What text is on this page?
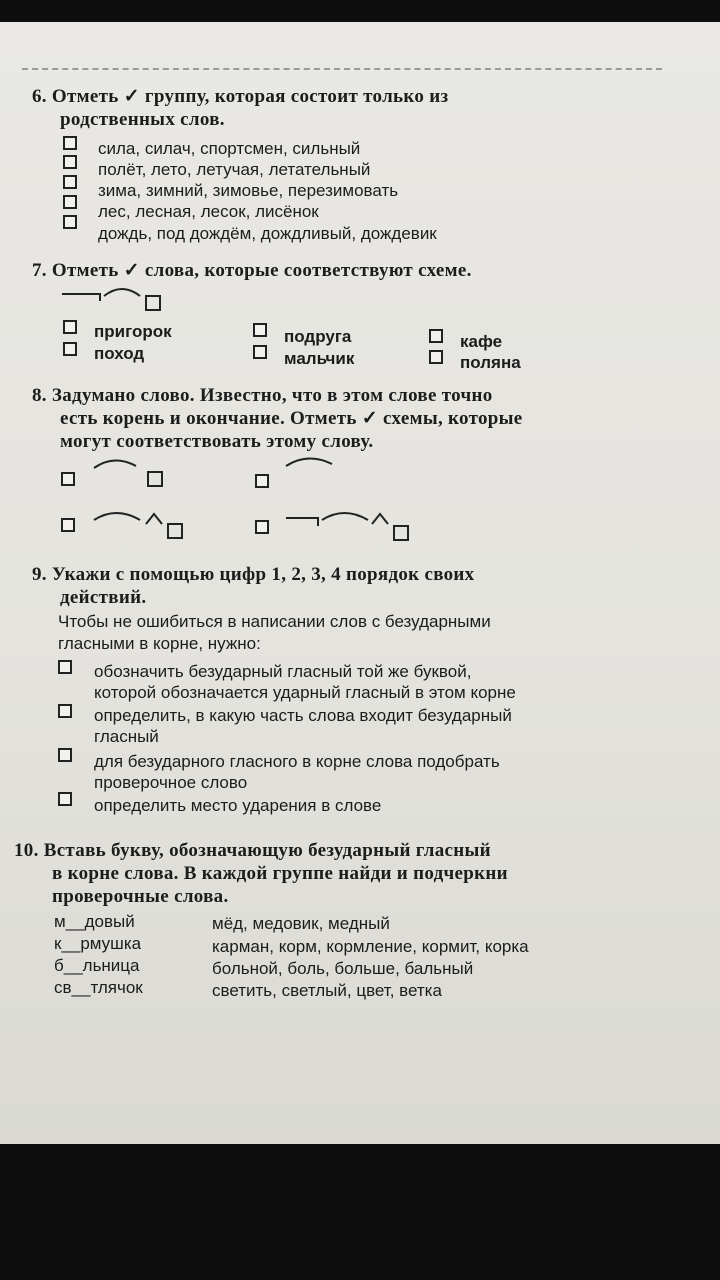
6. Отметь ✓ группу, которая состоит только из
родственных слов.
сила, силач, спортсмен, сильный
полёт, лето, летучая, летательный
зима, зимний, зимовье, перезимовать
лес, лесная, лесок, лисёнок
дождь, под дождём, дождливый, дождевик
7. Отметь ✓ слова, которые соответствуют схеме.
пригорок
поход
подруга
мальчик
кафе
поляна
8. Задумано слово. Известно, что в этом слове точно
есть корень и окончание. Отметь ✓ схемы, которые
могут соответствовать этому слову.
9. Укажи с помощью цифр 1, 2, 3, 4 порядок своих
действий.
Чтобы не ошибиться в написании слов с безударными
гласными в корне, нужно:
обозначить безударный гласный той же буквой,
которой обозначается ударный гласный в этом корне
определить, в какую часть слова входит безударный
гласный
для безударного гласного в корне слова подобрать
проверочное слово
определить место ударения в слове
10. Вставь букву, обозначающую безударный гласный
в корне слова. В каждой группе найди и подчеркни
проверочные слова.
м__довый	мёд, медовик, медный
к__рмушка	карман, корм, кормление, кормит, корка
б__льница	больной, боль, больше, бальный
св__тлячок	светить, светлый, цвет, ветка
